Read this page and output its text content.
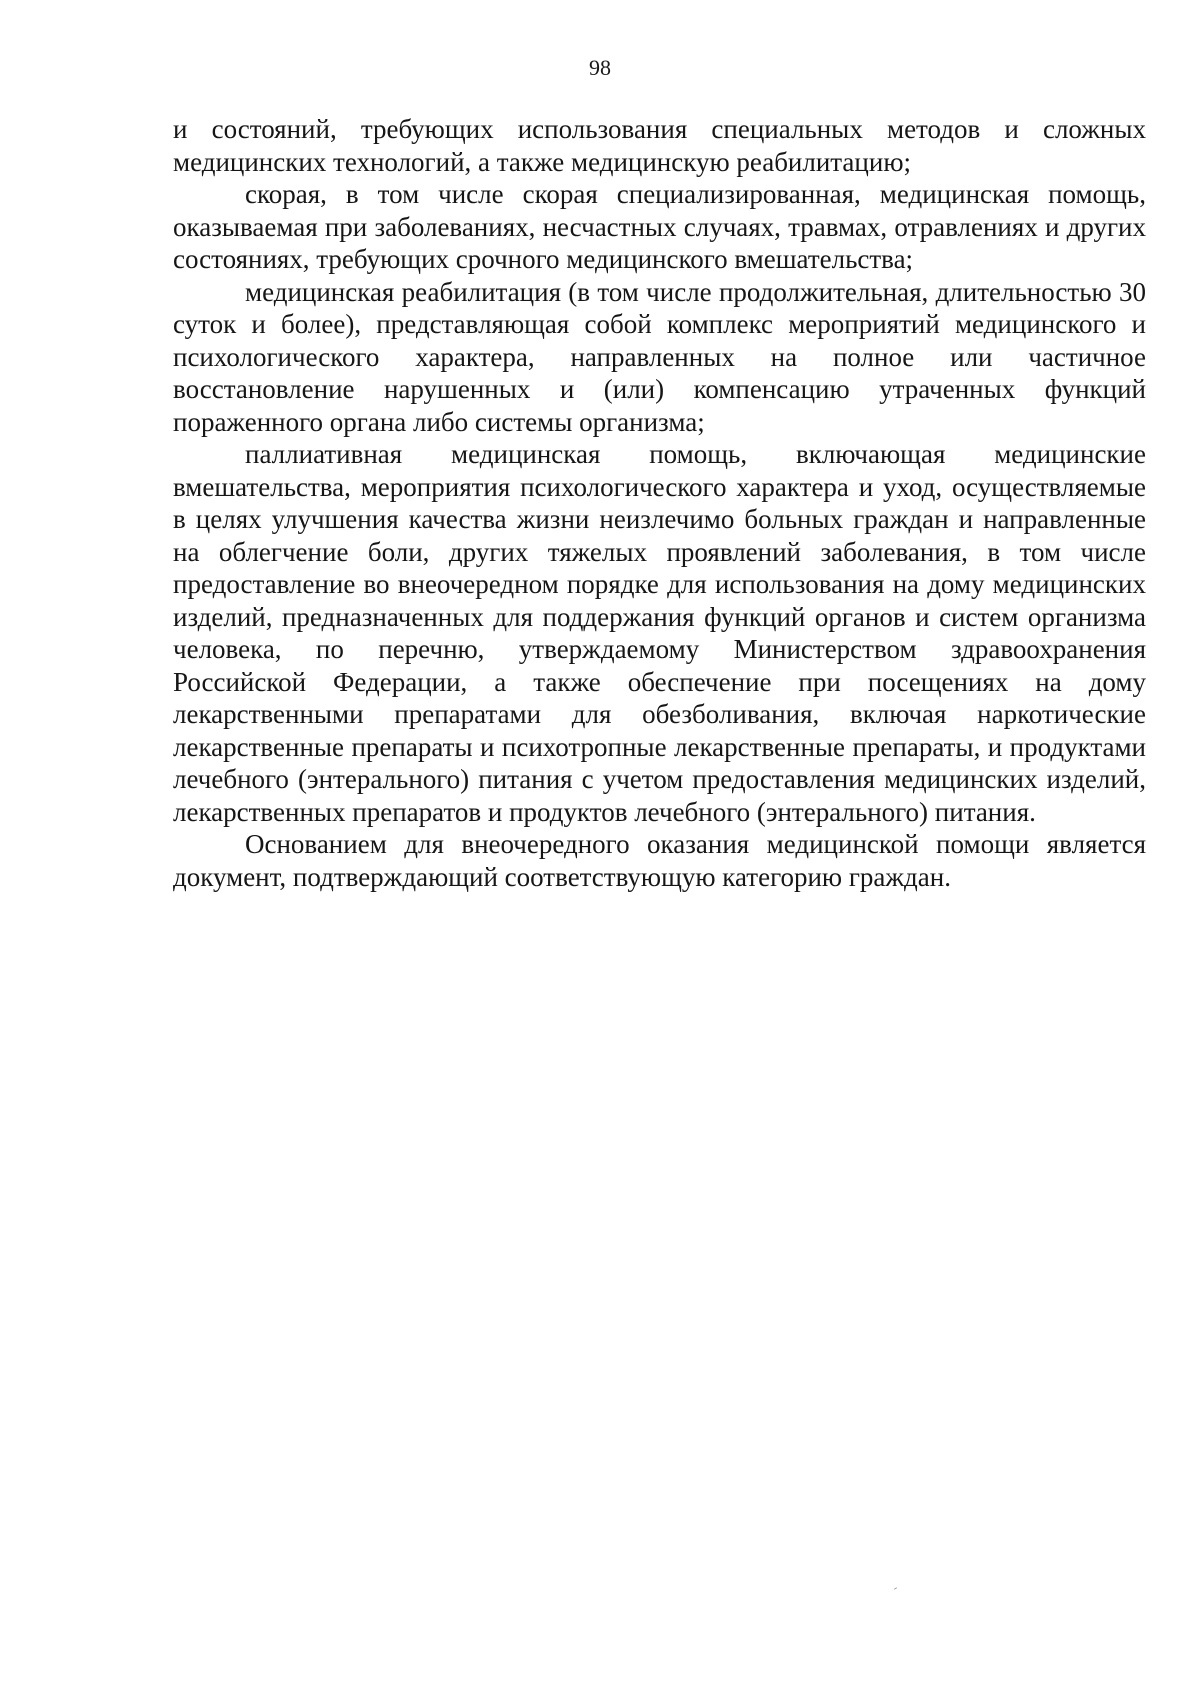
98

и состояний, требующих использования специальных методов и сложных медицинских технологий, а также медицинскую реабилитацию;

скорая, в том числе скорая специализированная, медицинская помощь, оказываемая при заболеваниях, несчастных случаях, травмах, отравлениях и других состояниях, требующих срочного медицинского вмешательства;

медицинская реабилитация (в том числе продолжительная, длительностью 30 суток и более), представляющая собой комплекс мероприятий медицинского и психологического характера, направленных на полное или частичное восстановление нарушенных и (или) компенсацию утраченных функций пораженного органа либо системы организма;

паллиативная медицинская помощь, включающая медицинские вмешательства, мероприятия психологического характера и уход, осуществляемые в целях улучшения качества жизни неизлечимо больных граждан и направленные на облегчение боли, других тяжелых проявлений заболевания, в том числе предоставление во внеочередном порядке для использования на дому медицинских изделий, предназначенных для поддержания функций органов и систем организма человека, по перечню, утверждаемому Министерством здравоохранения Российской Федерации, а также обеспечение при посещениях на дому лекарственными препаратами для обезболивания, включая наркотические лекарственные препараты и психотропные лекарственные препараты, и продуктами лечебного (энтерального) питания с учетом предоставления медицинских изделий, лекарственных препаратов и продуктов лечебного (энтерального) питания.

Основанием для внеочередного оказания медицинской помощи является документ, подтверждающий соответствующую категорию граждан.
